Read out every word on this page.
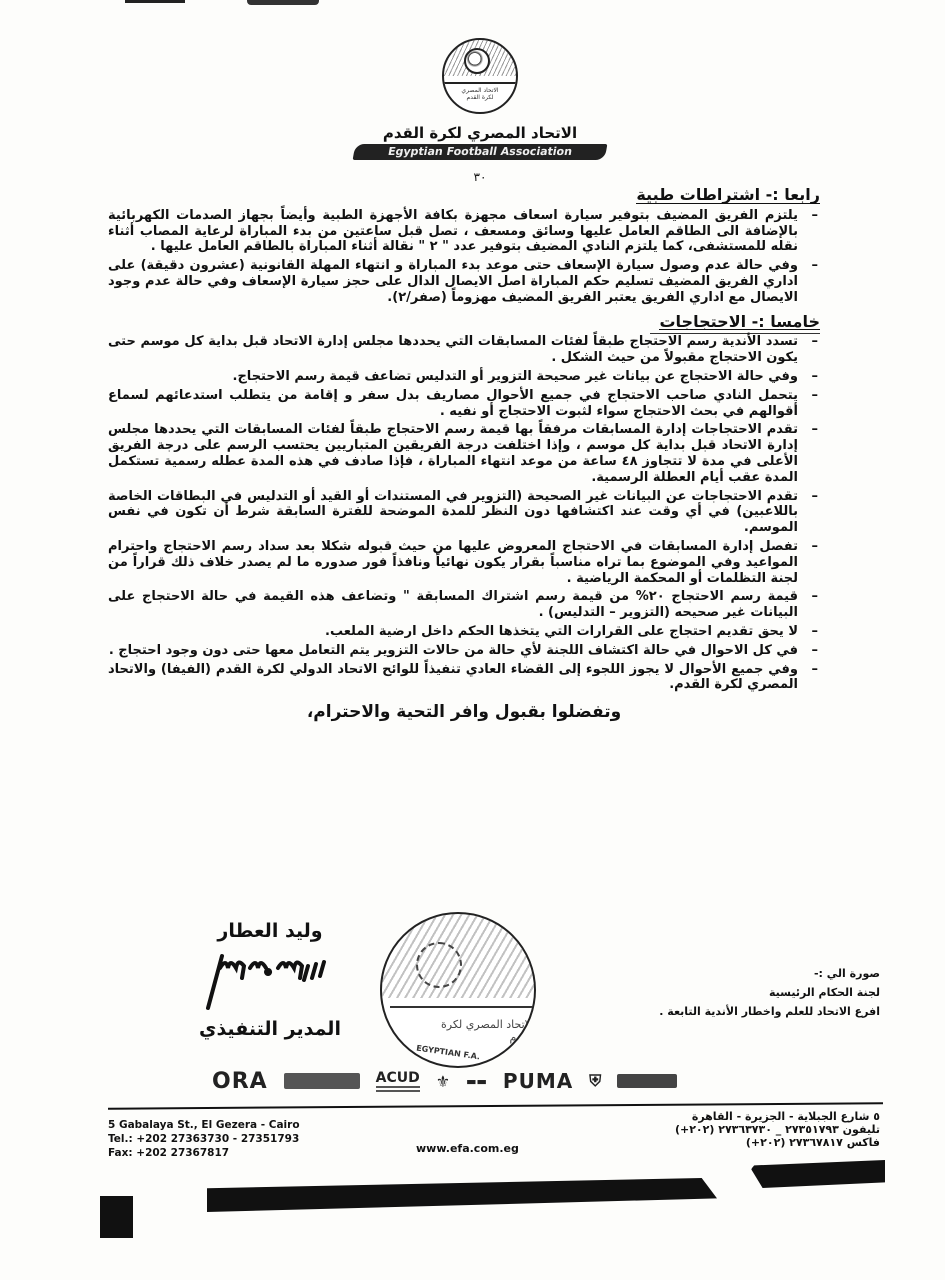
الاتحاد المصري لكرة القدم
الاتحاد المصري لكرة القدم
Egyptian Football Association
٣٠
رابعا :- اشتراطات طبية
– يلتزم الفريق المضيف بتوفير سيارة اسعاف مجهزة بكافة الأجهزة الطبية وأيضاً بجهاز الصدمات الكهربائية بالإضافة الى الطاقم العامل عليها وسائق ومسعف ، تصل قبل ساعتين من بدء المباراة لرعاية المصاب أثناء نقله للمستشفى، كما يلتزم النادي المضيف بتوفير عدد " ٢ " نقالة أثناء المباراة بالطاقم العامل عليها .
– وفي حالة عدم وصول سيارة الإسعاف حتى موعد بدء المباراة و انتهاء المهلة القانونية (عشرون دقيقة) على اداري الفريق المضيف تسليم حكم المباراة اصل الايصال الدال على حجز سيارة الإسعاف وفي حالة عدم وجود الايصال مع اداري الفريق يعتبر الفريق المضيف مهزوماً (صفر/٢).
خامسا :- الاحتجاجات
– تسدد الأندية رسم الاحتجاج طبقاً لفئات المسابقات التي يحددها مجلس إدارة الاتحاد قبل بداية كل موسم حتى يكون الاحتجاج مقبولاً من حيث الشكل .
– وفي حالة الاحتجاج عن بيانات غير صحيحة التزوير أو التدليس تضاعف قيمة رسم الاحتجاج.
– يتحمل النادي صاحب الاحتجاج في جميع الأحوال مصاريف بدل سفر و إقامة من يتطلب استدعائهم لسماع أقوالهم في بحث الاحتجاج سواء لثبوت الاحتجاج أو نفيه .
– تقدم الاحتجاجات إدارة المسابقات مرفقاً بها قيمة رسم الاحتجاج طبقاً لفئات المسابقات التي يحددها مجلس إدارة الاتحاد قبل بداية كل موسم ، وإذا اختلفت درجة الفريقين المتباريين يحتسب الرسم على درجة الفريق الأعلى في مدة لا تتجاوز ٤٨ ساعة من موعد انتهاء المباراة ، فإذا صادف في هذه المدة عطله رسمية تستكمل المدة عقب أيام العطلة الرسمية.
– تقدم الاحتجاجات عن البيانات غير الصحيحة (التزوير في المستندات أو القيد أو التدليس في البطاقات الخاصة باللاعبين) في أي وقت عند اكتشافها دون النظر للمدة الموضحة للفترة السابقة شرط أن تكون في نفس الموسم.
– تفصل إدارة المسابقات في الاحتجاج المعروض عليها من حيث قبوله شكلا بعد سداد رسم الاحتجاج واحترام المواعيد وفي الموضوع بما تراه مناسباً بقرار يكون نهائياً ونافذاً فور صدوره ما لم يصدر خلاف ذلك قراراً من لجنة التظلمات أو المحكمة الرياضية .
– قيمة رسم الاحتجاج ٢٠% من قيمة رسم اشتراك المسابقة " وتضاعف هذه القيمة في حالة الاحتجاج على البيانات غير صحيحه (التزوير – التدليس) .
– لا يحق تقديم احتجاج على القرارات التي يتخذها الحكم داخل ارضية الملعب.
– في كل الاحوال في حالة اكتشاف اللجنة لأي حالة من حالات التزوير يتم التعامل معها حتى دون وجود احتجاج .
– وفي جميع الأحوال لا يجوز اللجوء إلى القضاء العادي تنفيذاً للوائح الاتحاد الدولي لكرة القدم (الفيفا) والاتحاد المصري لكرة القدم.
وتفضلوا بقبول وافر التحية والاحترام،
وليد العطار
المدير التنفيذي	الاتحاد المصري لكرة القدم
EGYPTIAN F.A.
صورة الي :-
لجنة الحكام الرئيسية
افرع الاتحاد للعلم واخطار الأندية التابعة .
ORA	ACUD ⚜ ▬▬ PUMA ⛨
5 Gabalaya St., El Gezera - Cairo
Tel.: +202 27363730 - 27351793
Fax: +202 27367817	www.efa.com.eg
٥ شارع الجبلاية - الجزيرة - القاهرة
تليفون ٢٧٣٥١٧٩٣ _ ٢٧٣٦٣٧٣٠ (٢٠٢+)
فاكس ٢٧٣٦٧٨١٧ (٢٠٢+)
